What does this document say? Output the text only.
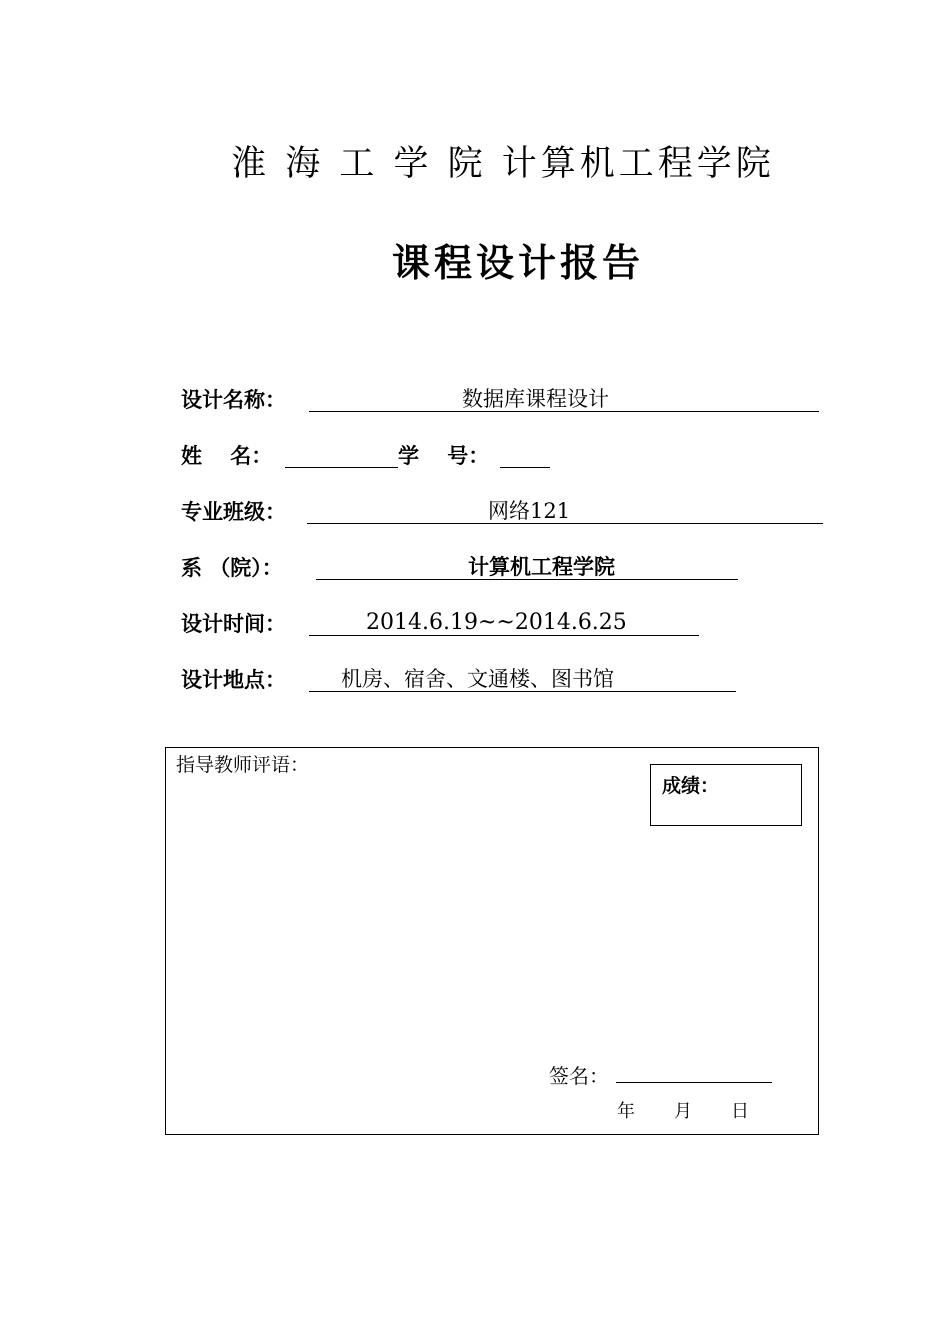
淮 海 工 学 院 计算机工程学院
课程设计报告
设计名称：	数据库课程设计
姓　 名：	学　 号：
专业班级：	网络121
系 （院）：	计算机工程学院
设计时间：	2014.6.19~~2014.6.25
设计地点：	机房、宿舍、文通楼、图书馆
指导教师评语：
成绩：
签名：
年 月 日
